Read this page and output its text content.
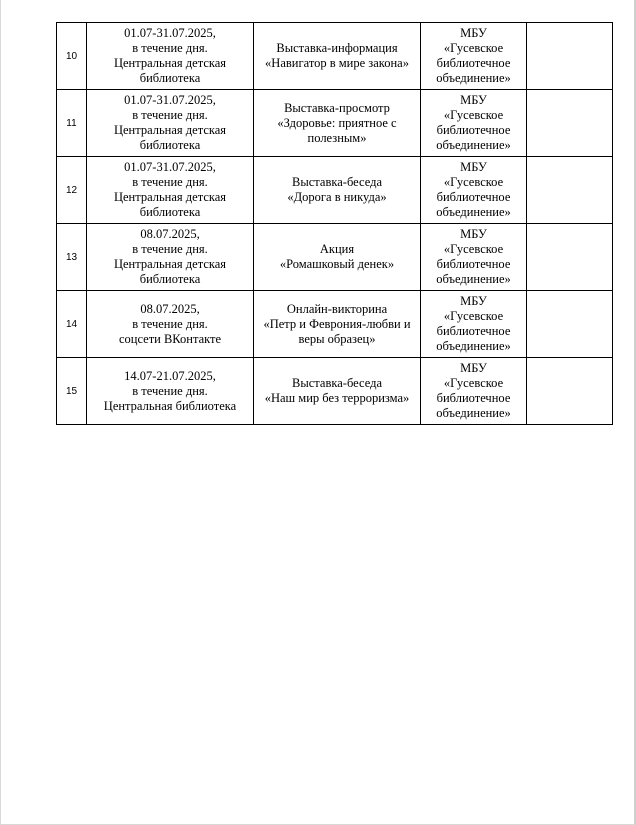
10	01.07-31.07.2025,
в течение дня.
Центральная детская библиотека	Выставка-информация
«Навигатор в мире закона»	МБУ
«Гусевское
библиотечное
объединение»	

11	01.07-31.07.2025,
в течение дня.
Центральная детская библиотека	Выставка-просмотр
«Здоровье: приятное с полезным»	МБУ
«Гусевское
библиотечное
объединение»	

12	01.07-31.07.2025,
в течение дня.
Центральная детская библиотека	Выставка-беседа
«Дорога в никуда»	МБУ
«Гусевское
библиотечное
объединение»	

13	08.07.2025,
в течение дня.
Центральная детская библиотека	Акция
«Ромашковый денек»	МБУ
«Гусевское
библиотечное
объединение»	

14	08.07.2025,
в течение дня.
соцсети ВКонтакте	Онлайн-викторина
«Петр и Феврония-любви и веры образец»	МБУ
«Гусевское
библиотечное
объединение»	

15	14.07-21.07.2025,
в течение дня.
Центральная библиотека	Выставка-беседа
«Наш мир без терроризма»	МБУ
«Гусевское
библиотечное
объединение»	
